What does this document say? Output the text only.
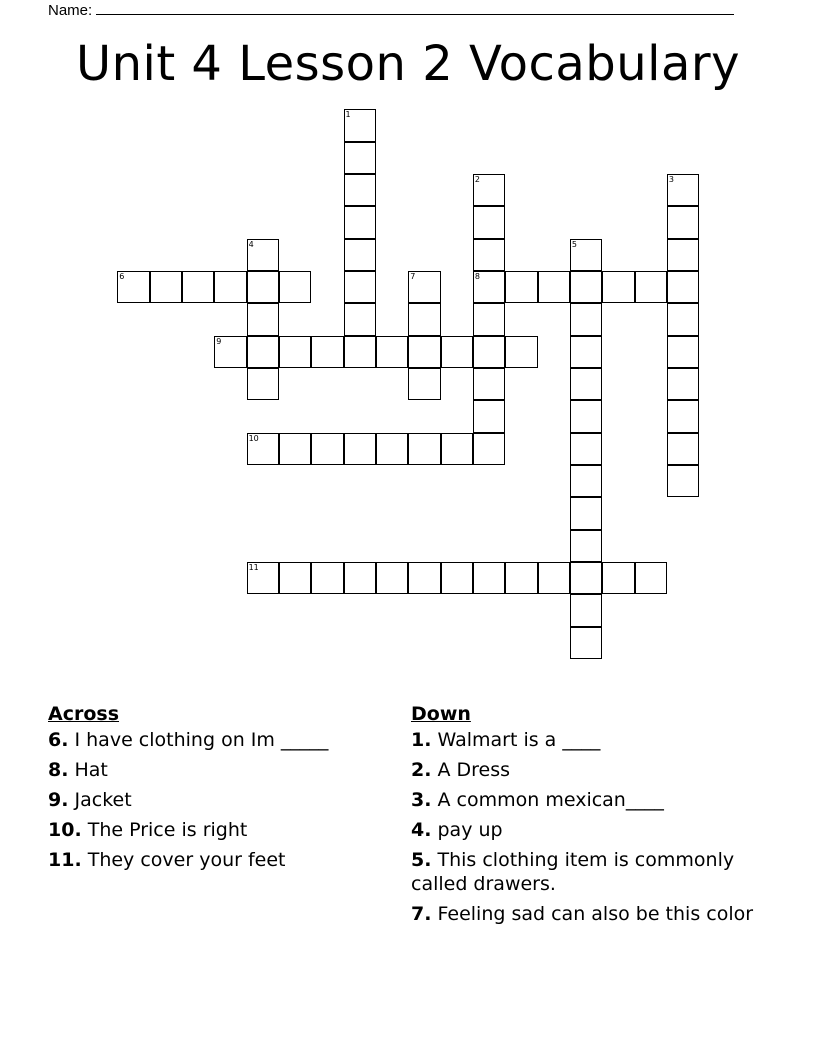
Name:
Unit 4 Lesson 2 Vocabulary
1
2
8
3
4	5
6	7
9
10
11
Across
6. I have clothing on Im _____
8. Hat
9. Jacket
10. The Price is right
11. They cover your feet
Down
1. Walmart is a ____
2. A Dress
3. A common mexican____
4. pay up
5. This clothing item is commonly called drawers.
7. Feeling sad can also be this color
